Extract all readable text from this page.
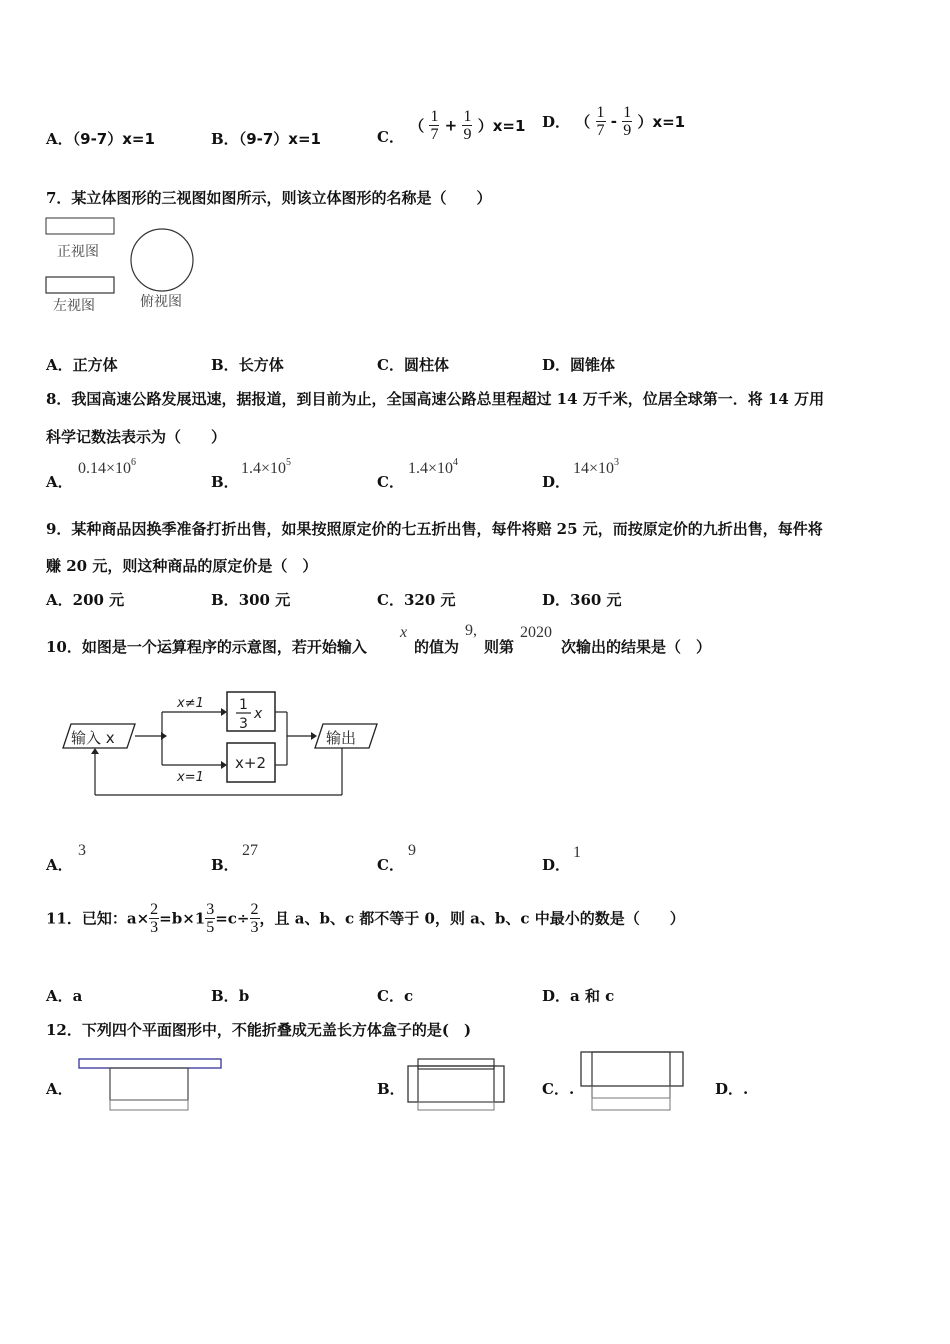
A．（9-7）x=1	B．（9-7）x=1	C． （ $\frac{1}{7} + \frac{1}{9} )x=1$ D． （ $\frac{1}{7} - \frac{1}{9} )x=1$
7．某立体图形的三视图如图所示，则该立体图形的名称是（　　）
正视图
左视图	俯视图
A．正方体	B．长方体	C．圆柱体	D．圆锥体
8．我国高速公路发展迅速，据报道，到目前为止，全国高速公路总里程超过 14 万千米，位居全球第一．将 14 万用
科学记数法表示为（　　）
A．
$0.14\times 10^6$
B．
$1.4\times 10^5$
C．
$1.4\times 10^4$
D．
$14\times 10^3$
9．某种商品因换季准备打折出售，如果按照原定价的七五折出售，每件将赔 25 元，而按原定价的九折出售，每件将
赚 20 元，则这种商品的原定价是（　）
A．200 元	B．300 元	C．320 元	D．360 元
10．如图是一个运算程序的示意图，若开始输入
x
的值为
9,
则第
2020
次输出的结果是（　）
输入 x
x≠1
x=1
1
3
x
x+2
输出
A．
3
B．
27
C．
9
D．
1
11．已知：$a\times \frac{2}{3} =b\times 1 \frac{3}{5} =c\div \frac{2}{3}$ ，且 a、b、c 都不等于 0，则 a、b、c 中最小的数是（　　）
A．a	B．b	C．c	D．a 和 c
12．下列四个平面图形中，不能折叠成无盖长方体盒子的是(　)
A．	B．	C．.	D．.
